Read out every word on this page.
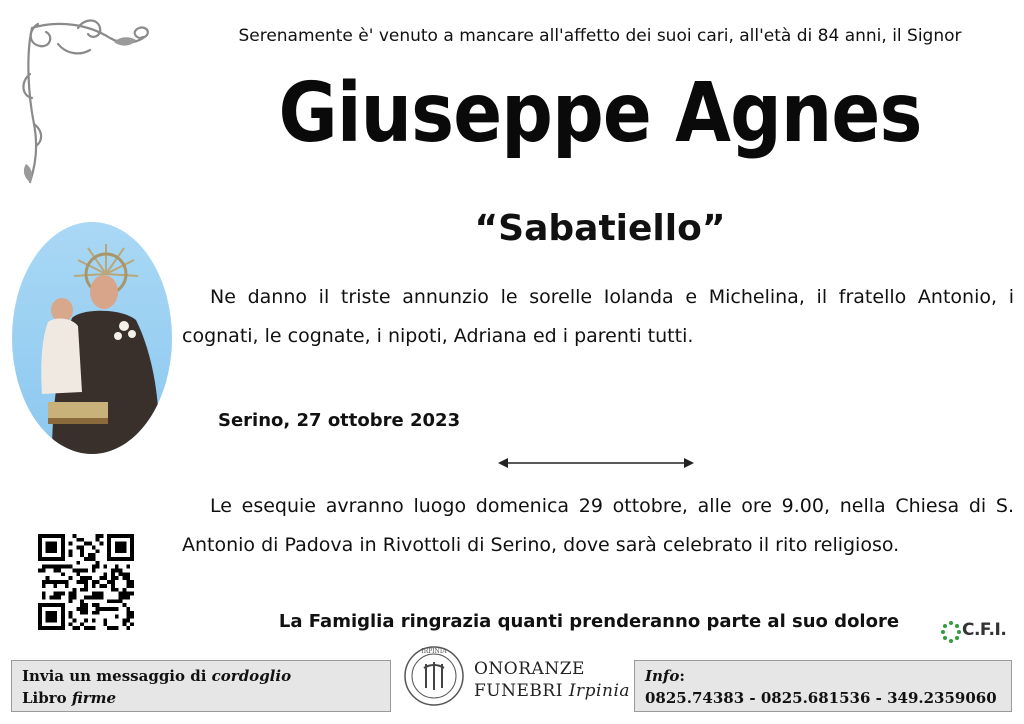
Serenamente è' venuto a mancare all'affetto dei suoi cari, all'età di 84 anni, il Signor
Giuseppe Agnes
“Sabatiello”
Ne danno il triste annunzio le sorelle Iolanda e Michelina, il fratello Antonio, i cognati, le cognate, i nipoti, Adriana ed i parenti tutti.
Serino, 27 ottobre 2023
Le esequie avranno luogo domenica 29 ottobre, alle ore 9.00, nella Chiesa di S. Antonio di Padova in Rivottoli di Serino, dove sarà celebrato il rito religioso.
La Famiglia ringrazia quanti prenderanno parte al suo dolore	C.F.I.
Invia un messaggio di cordoglio
Libro firme
IRPINIA
ONORANZE
FUNEBRI Irpinia
Info:
0825.74383 - 0825.681536 - 349.2359060
